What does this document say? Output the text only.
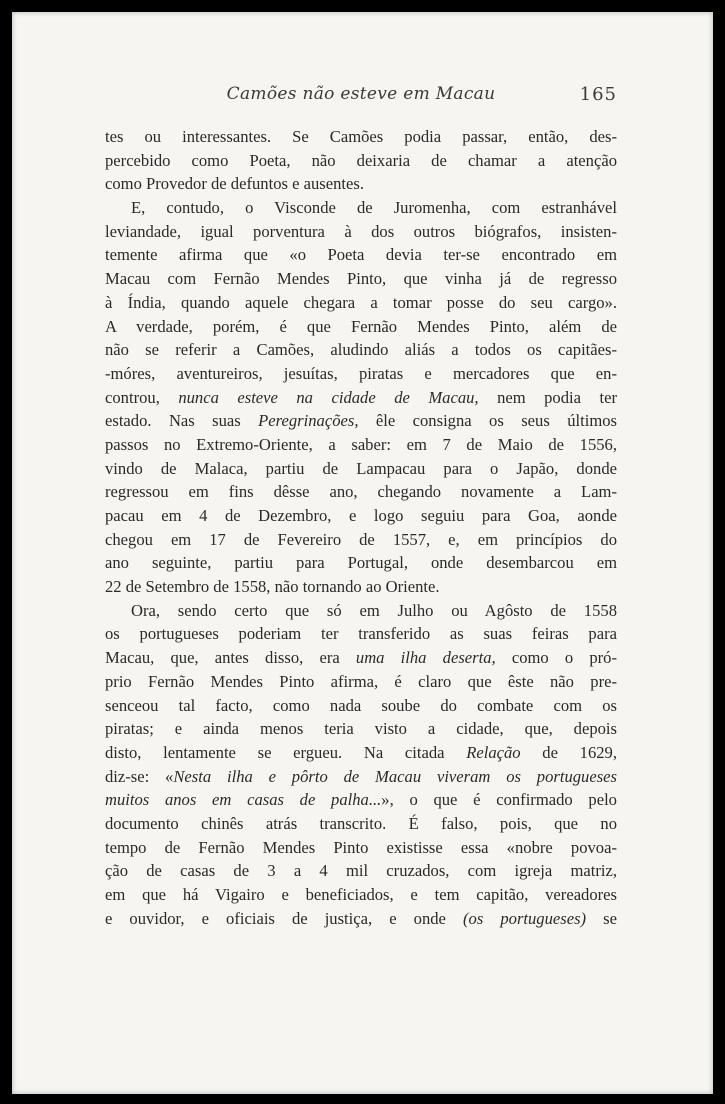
Camões não esteve em Macau	165
tes ou interessantes. Se Camões podia passar, então, des-
percebido como Poeta, não deixaria de chamar a atenção
como Provedor de defuntos e ausentes.
E, contudo, o Visconde de Juromenha, com estranhável
leviandade, igual porventura à dos outros biógrafos, insisten-
temente afirma que «o Poeta devia ter-se encontrado em
Macau com Fernão Mendes Pinto, que vinha já de regresso
à Índia, quando aquele chegara a tomar posse do seu cargo».
A verdade, porém, é que Fernão Mendes Pinto, além de
não se referir a Camões, aludindo aliás a todos os capitães-
-móres, aventureiros, jesuítas, piratas e mercadores que en-
controu, nunca esteve na cidade de Macau, nem podia ter
estado. Nas suas Peregrinações, êle consigna os seus últimos
passos no Extremo-Oriente, a saber: em 7 de Maio de 1556,
vindo de Malaca, partiu de Lampacau para o Japão, donde
regressou em fins dêsse ano, chegando novamente a Lam-
pacau em 4 de Dezembro, e logo seguiu para Goa, aonde
chegou em 17 de Fevereiro de 1557, e, em princípios do
ano seguinte, partiu para Portugal, onde desembarcou em
22 de Setembro de 1558, não tornando ao Oriente.
Ora, sendo certo que só em Julho ou Agôsto de 1558
os portugueses poderiam ter transferido as suas feiras para
Macau, que, antes disso, era uma ilha deserta, como o pró-
prio Fernão Mendes Pinto afirma, é claro que êste não pre-
senceou tal facto, como nada soube do combate com os
piratas; e ainda menos teria visto a cidade, que, depois
disto, lentamente se ergueu. Na citada Relação de 1629,
diz-se: «Nesta ilha e pôrto de Macau viveram os portugueses
muitos anos em casas de palha...», o que é confirmado pelo
documento chinês atrás transcrito. É falso, pois, que no
tempo de Fernão Mendes Pinto existisse essa «nobre povoa-
ção de casas de 3 a 4 mil cruzados, com igreja matriz,
em que há Vigairo e beneficiados, e tem capitão, vereadores
e ouvidor, e oficiais de justiça, e onde (os portugueses) se
